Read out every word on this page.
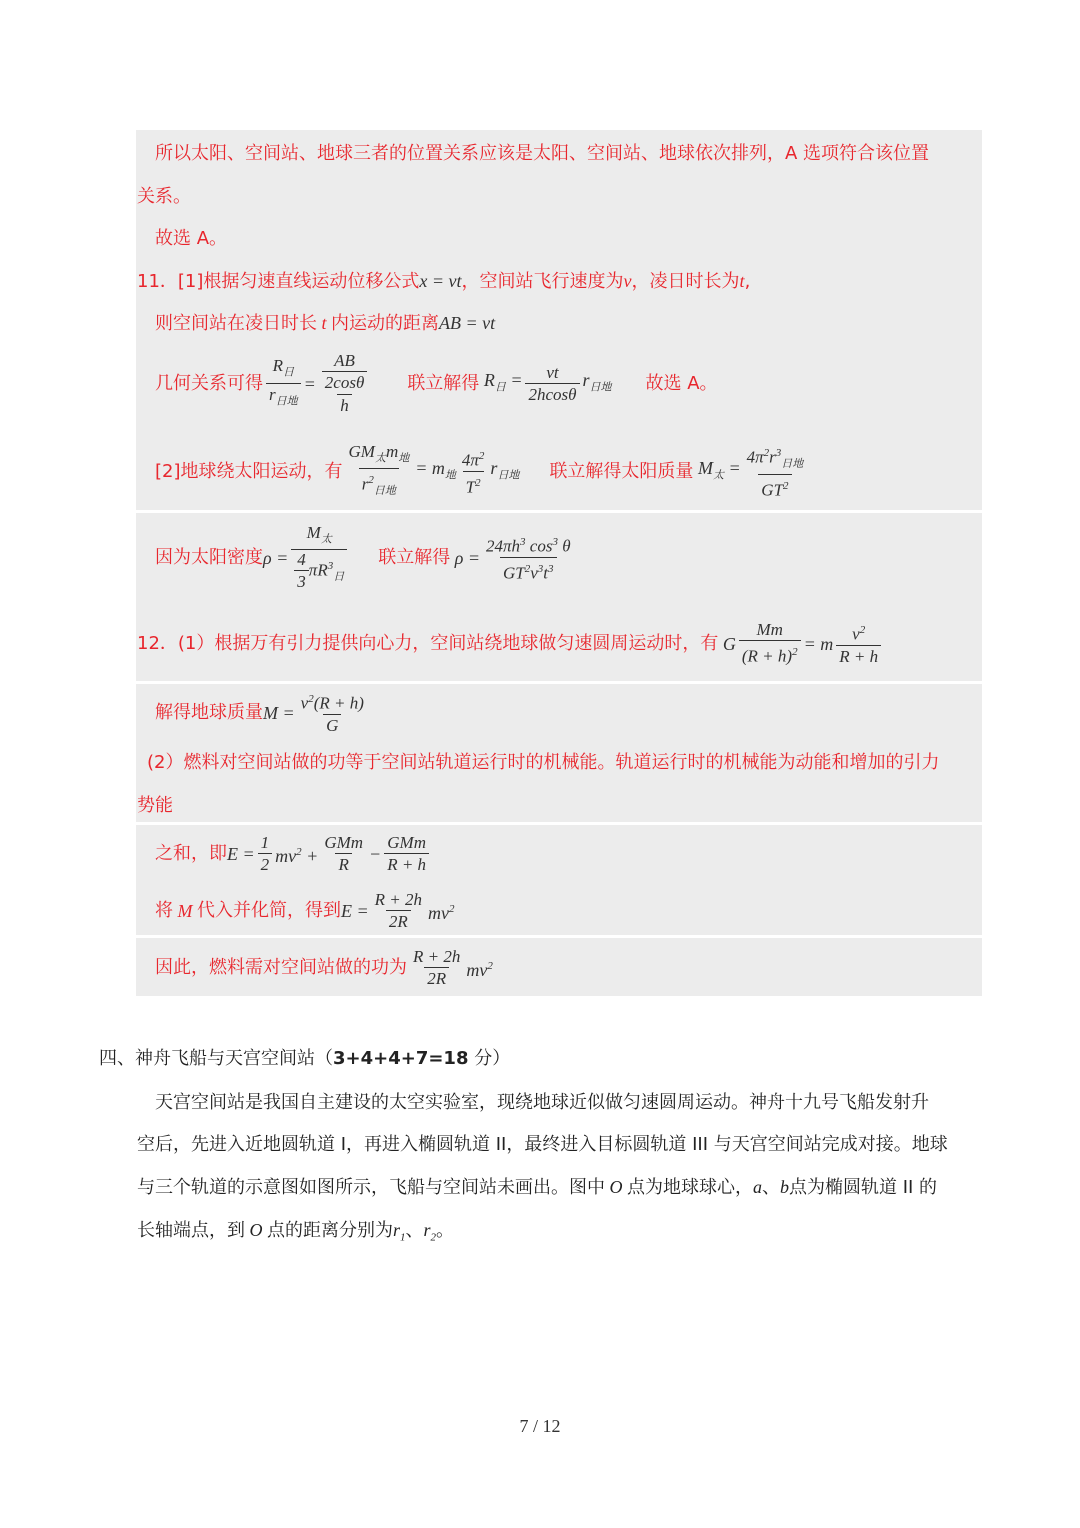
所以太阳、空间站、地球三者的位置关系应该是太阳、空间站、地球依次排列，A 选项符合该位置
关系。
故选 A。
11．[1]根据匀速直线运动位移公式x = vt，空间站飞行速度为v，凌日时长为t,
则空间站在凌日时长 t 内运动的距离AB = vt
几何关系可得 $\frac{R_日}{r_{日地}} = \frac{\frac{AB}{2\cos\theta}}{h}$ 联立解得 $R_日 = \frac{vt}{2hcos\theta} r_{日地}$ 故选 A。
[2]地球绕太阳运动，有 $\frac{GM_太m_地}{r^2_{日地}} = m_地 \frac{4\pi^2}{T^2} r_{日地}$ 联立解得太阳质量 $M_太 = \frac{4\pi^2r^3_{日地}}{GT^2}$
因为太阳密度 $\rho = \frac{M_太}{\frac{4}{3} \pi R^3_日}$ 联立解得 $\rho = \frac{24\pi h^3 \cos^3 \theta}{GT^2v^3t^3}$
12．(1）根据万有引力提供向心力，空间站绕地球做匀速圆周运动时，有 G $\frac{Mm}{(R + h)^2} = m \frac{v^2}{R + h}$
解得地球质量 $M = \frac{v^2(R + h)}{G}$
(2）燃料对空间站做的功等于空间站轨道运行时的机械能。轨道运行时的机械能为动能和增加的引力
势能
之和，即 $E = \frac{1}{2} mv^2 + \frac{\text{GMm}}{R} - \frac{\text{GMm}}{R + h}$
将 M 代入并化简，得到 $E = \frac{R + 2h}{2R} mv^2$
因此，燃料需对空间站做的功为 $\frac{R + 2h}{2R} mv^2$
四、神舟飞船与天宫空间站（3+4+4+7=18 分）
天宫空间站是我国自主建设的太空实验室，现绕地球近似做匀速圆周运动。神舟十九号飞船发射升
空后，先进入近地圆轨道 I，再进入椭圆轨道 II，最终进入目标圆轨道 III 与天宫空间站完成对接。地球
与三个轨道的示意图如图所示，飞船与空间站未画出。图中 O 点为地球球心，a、b点为椭圆轨道 II 的
长轴端点，到 O 点的距离分别为$r_1$、$r_2$。
7 / 12
